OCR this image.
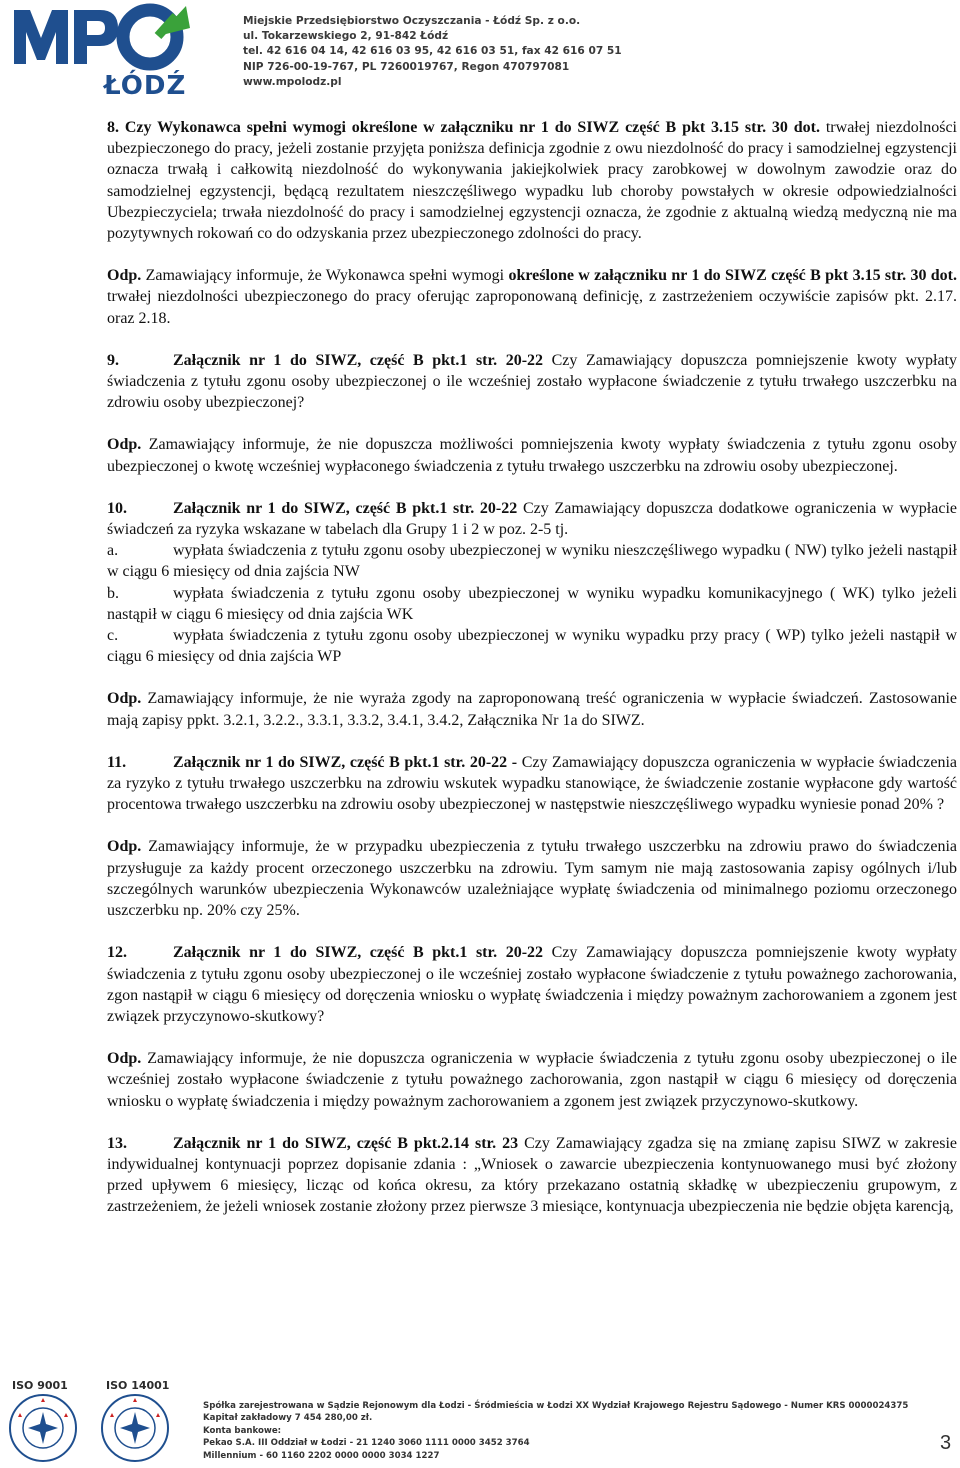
ŁÓDŹ
Miejskie Przedsiębiorstwo Oczyszczania - Łódź Sp. z o.o.
ul. Tokarzewskiego 2, 91-842 Łódź
tel. 42 616 04 14, 42 616 03 95, 42 616 03 51, fax 42 616 07 51
NIP 726-00-19-767, PL 7260019767, Regon 470797081
www.mpolodz.pl

8. Czy Wykonawca spełni wymogi określone w załączniku nr 1 do SIWZ część B pkt 3.15 str. 30 dot. trwałej niezdolności ubezpieczonego do pracy, jeżeli zostanie przyjęta poniższa definicja zgodnie z owu niezdolność do pracy i samodzielnej egzystencji oznacza trwałą i całkowitą niezdolność do wykonywania jakiejkolwiek pracy zarobkowej w dowolnym zawodzie oraz do samodzielnej egzystencji, będącą rezultatem nieszczęśliwego wypadku lub choroby powstałych w okresie odpowiedzialności Ubezpieczyciela; trwała niezdolność do pracy i samodzielnej egzystencji oznacza, że zgodnie z aktualną wiedzą medyczną nie ma pozytywnych rokowań co do odzyskania przez ubezpieczonego zdolności do pracy.

Odp. Zamawiający informuje, że Wykonawca spełni wymogi określone w załączniku nr 1 do SIWZ część B pkt 3.15 str. 30 dot. trwałej niezdolności ubezpieczonego do pracy oferując zaproponowaną definicję, z zastrzeżeniem oczywiście zapisów pkt. 2.17. oraz 2.18.

9.	Załącznik nr 1 do SIWZ, część B pkt.1 str. 20-22 Czy Zamawiający dopuszcza pomniejszenie kwoty wypłaty świadczenia z tytułu zgonu osoby ubezpieczonej o ile wcześniej zostało wypłacone świadczenie z tytułu trwałego uszczerbku na zdrowiu osoby ubezpieczonej?

Odp. Zamawiający informuje, że nie dopuszcza możliwości pomniejszenia kwoty wypłaty świadczenia z tytułu zgonu osoby ubezpieczonej o kwotę wcześniej wypłaconego świadczenia z tytułu trwałego uszczerbku na zdrowiu osoby ubezpieczonej.

10.	Załącznik nr 1 do SIWZ, część B pkt.1 str. 20-22 Czy Zamawiający dopuszcza dodatkowe ograniczenia w wypłacie świadczeń za ryzyka wskazane w tabelach dla Grupy 1 i 2 w poz. 2-5 tj.
a.	wypłata świadczenia z tytułu zgonu osoby ubezpieczonej w wyniku nieszczęśliwego wypadku ( NW) tylko jeżeli nastąpił w ciągu 6 miesięcy od dnia zajścia NW
b.	wypłata świadczenia z tytułu zgonu osoby ubezpieczonej w wyniku wypadku komunikacyjnego ( WK) tylko jeżeli nastąpił w ciągu 6 miesięcy od dnia zajścia WK
c.	wypłata świadczenia z tytułu zgonu osoby ubezpieczonej w wyniku wypadku przy pracy ( WP) tylko jeżeli nastąpił w ciągu 6 miesięcy od dnia zajścia WP

Odp. Zamawiający informuje, że nie wyraża zgody na zaproponowaną treść ograniczenia w wypłacie świadczeń. Zastosowanie mają zapisy ppkt. 3.2.1, 3.2.2., 3.3.1, 3.3.2, 3.4.1, 3.4.2, Załącznika Nr 1a do SIWZ.

11.	Załącznik nr 1 do SIWZ, część B pkt.1 str. 20-22 - Czy Zamawiający dopuszcza ograniczenia w wypłacie świadczenia za ryzyko z tytułu trwałego uszczerbku na zdrowiu wskutek wypadku stanowiące, że świadczenie zostanie wypłacone gdy wartość procentowa trwałego uszczerbku na zdrowiu osoby ubezpieczonej w następstwie nieszczęśliwego wypadku wyniesie ponad 20% ?

Odp. Zamawiający informuje, że w przypadku ubezpieczenia z tytułu trwałego uszczerbku na zdrowiu prawo do świadczenia przysługuje za każdy procent orzeczonego uszczerbku na zdrowiu. Tym samym nie mają zastosowania zapisy ogólnych i/lub szczególnych warunków ubezpieczenia Wykonawców uzależniające wypłatę świadczenia od minimalnego poziomu orzeczonego uszczerbku np. 20% czy 25%.

12.	Załącznik nr 1 do SIWZ, część B pkt.1 str. 20-22 Czy Zamawiający dopuszcza pomniejszenie kwoty wypłaty świadczenia z tytułu zgonu osoby ubezpieczonej o ile wcześniej zostało wypłacone świadczenie z tytułu poważnego zachorowania, zgon nastąpił w ciągu 6 miesięcy od doręczenia wniosku o wypłatę świadczenia i między poważnym zachorowaniem a zgonem jest związek przyczynowo-skutkowy?

Odp. Zamawiający informuje, że nie dopuszcza ograniczenia w wypłacie świadczenia z tytułu zgonu osoby ubezpieczonej o ile wcześniej zostało wypłacone świadczenie z tytułu poważnego zachorowania, zgon nastąpił w ciągu 6 miesięcy od doręczenia wniosku o wypłatę świadczenia i między poważnym zachorowaniem a zgonem jest związek przyczynowo-skutkowy.

13.	Załącznik nr 1 do SIWZ, część B pkt.2.14 str. 23 Czy Zamawiający zgadza się na zmianę zapisu SIWZ w zakresie indywidualnej kontynuacji poprzez dopisanie zdania : „Wniosek o zawarcie ubezpieczenia kontynuowanego musi być złożony przed upływem 6 miesięcy, licząc od końca okresu, za który przekazano ostatnią składkę w ubezpieczeniu grupowym, z zastrzeżeniem, że jeżeli wniosek zostanie złożony przez pierwsze 3 miesiące, kontynuacja ubezpieczenia nie będzie objęta karencją,

ISO 9001	ISO 14001
Spółka zarejestrowana w Sądzie Rejonowym dla Łodzi - Śródmieścia w Łodzi XX Wydział Krajowego Rejestru Sądowego - Numer KRS 0000024375
Kapitał zakładowy 7 454 280,00 zł.
Konta bankowe:
Pekao S.A. III Oddział w Łodzi - 21 1240 3060 1111 0000 3452 3764
Millennium - 60 1160 2202 0000 0000 3034 1227
3
